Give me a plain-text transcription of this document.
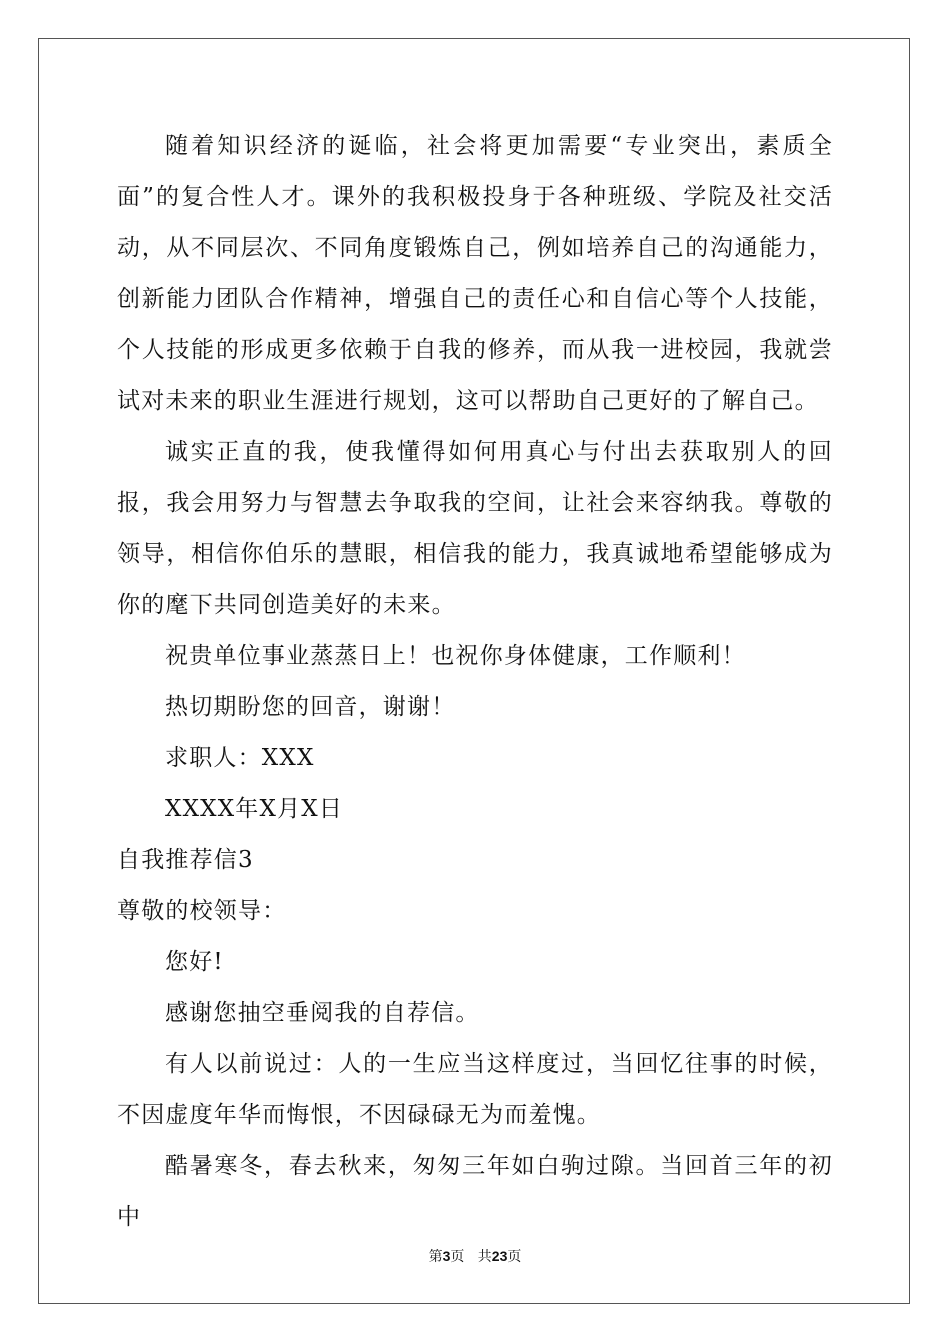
随着知识经济的诞临，社会将更加需要“专业突出，素质全面”的复合性人才。课外的我积极投身于各种班级、学院及社交活动，从不同层次、不同角度锻炼自己，例如培养自己的沟通能力，创新能力团队合作精神，增强自己的责任心和自信心等个人技能，个人技能的形成更多依赖于自我的修养，而从我一进校园，我就尝试对未来的职业生涯进行规划，这可以帮助自己更好的了解自己。

诚实正直的我，使我懂得如何用真心与付出去获取别人的回报，我会用努力与智慧去争取我的空间，让社会来容纳我。尊敬的领导，相信你伯乐的慧眼，相信我的能力，我真诚地希望能够成为你的麾下共同创造美好的未来。

祝贵单位事业蒸蒸日上！也祝你身体健康，工作顺利！

热切期盼您的回音，谢谢！

求职人：XXX

XXXX年X月X日

自我推荐信3

尊敬的校领导：

您好!

感谢您抽空垂阅我的自荐信。

有人以前说过：人的一生应当这样度过，当回忆往事的时候，不因虚度年华而悔恨，不因碌碌无为而羞愧。

酷暑寒冬，春去秋来，匆匆三年如白驹过隙。当回首三年的初中

第3页 共23页
